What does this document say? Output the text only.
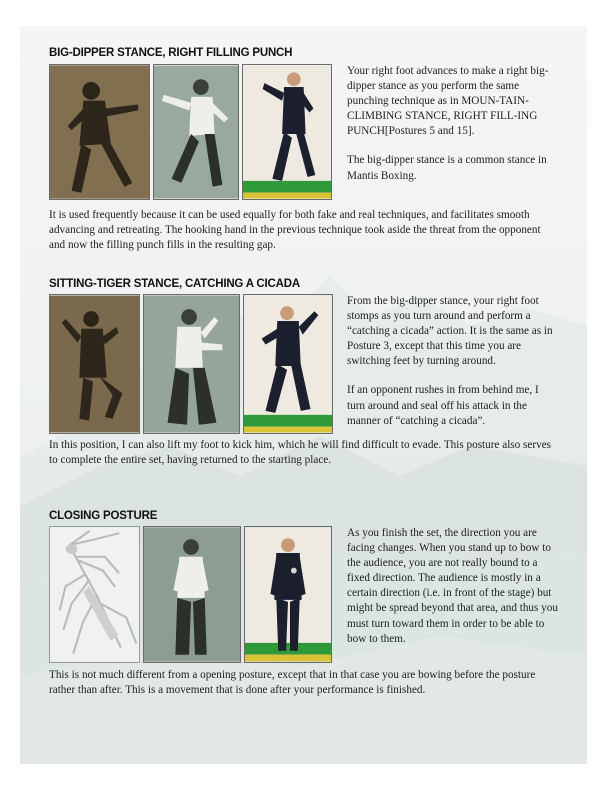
BIG-DIPPER STANCE, RIGHT FILLING PUNCH

Your right foot advances to make a right big-dipper stance as you perform the same punching technique as in MOUN-TAIN-CLIMBING STANCE, RIGHT FILL-ING PUNCH[Postures 5 and 15].

The big-dipper stance is a common stance in Mantis Boxing.

It is used frequently because it can be used equally for both fake and real techniques, and facilitates smooth advancing and retreating. The hooking hand in the previous technique took aside the threat from the opponent and now the filling punch fills in the resulting gap.

SITTING-TIGER STANCE, CATCHING A CICADA

From the big-dipper stance, your right foot stomps as you turn around and perform a “catching a cicada” action. It is the same as in Posture 3, except that this time you are switching feet by turning around.

If an opponent rushes in from behind me, I turn around and seal off his attack in the manner of “catching a cicada”.

In this position, I can also lift my foot to kick him, which he will find difficult to evade. This posture also serves to complete the entire set, having returned to the starting place.

CLOSING POSTURE

As you finish the set, the direction you are facing changes. When you stand up to bow to the audience, you are not really bound to a fixed direction. The audience is mostly in a certain direction (i.e. in front of the stage) but might be spread beyond that area, and thus you must turn toward them in order to be able to bow to them.

This is not much different from a opening posture, except that in that case you are bowing before the posture rather than after. This is a movement that is done after your performance is finished.
